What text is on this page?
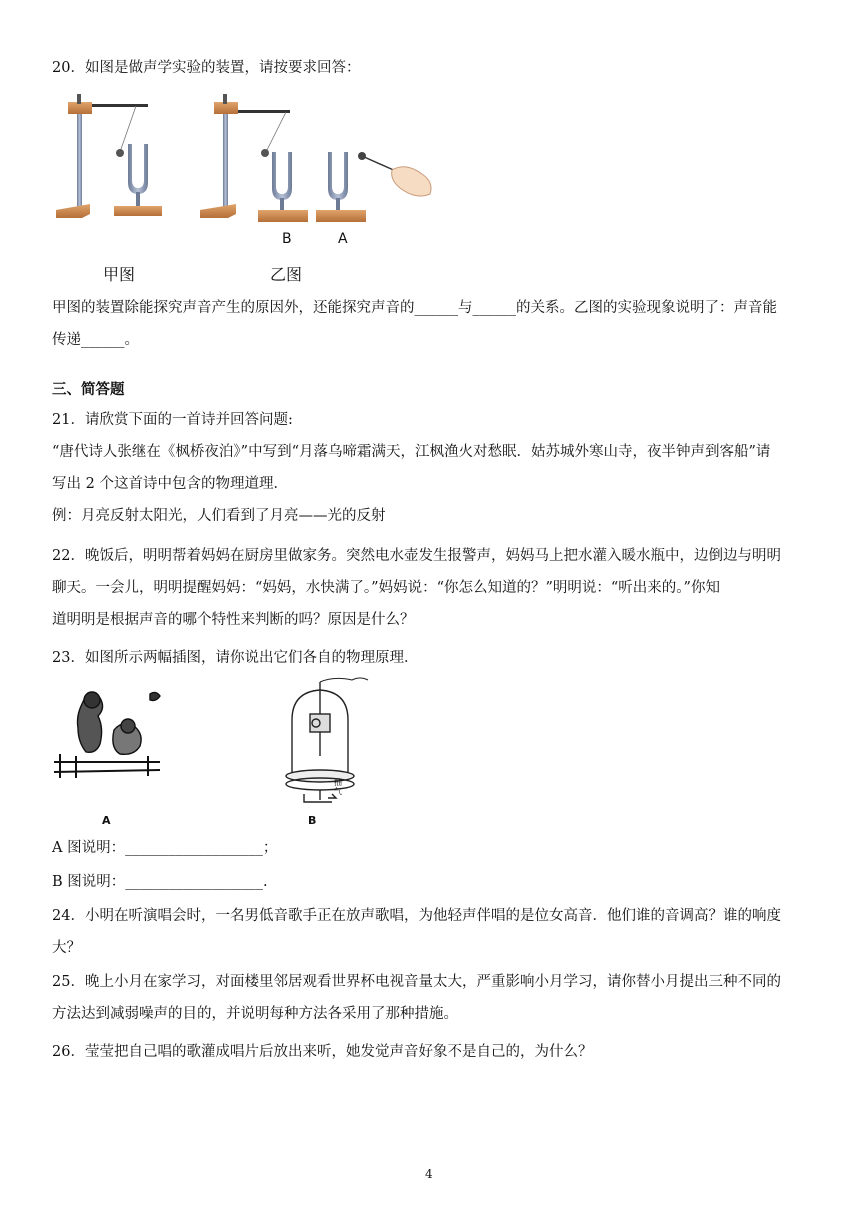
20．如图是做声学实验的装置，请按要求回答：
B	A
甲图	乙图
甲图的装置除能探究声音产生的原因外，还能探究声音的______与______的关系。乙图的实验现象说明了：声音能
传递______。
三、简答题
21．请欣赏下面的一首诗并回答问题:
“唐代诗人张继在《枫桥夜泊》”中写到“月落乌啼霜满天，江枫渔火对愁眠．姑苏城外寒山寺，夜半钟声到客船”请
写出 2 个这首诗中包含的物理道理．
例：月亮反射太阳光，人们看到了月亮——光的反射
22．晚饭后，明明帮着妈妈在厨房里做家务。突然电水壶发生报警声，妈妈马上把水灌入暖水瓶中，边倒边与明明
聊天。一会儿，明明提醒妈妈：“妈妈，水快满了。”妈妈说：“你怎么知道的？”明明说：“听出来的。”你知
道明明是根据声音的哪个特性来判断的吗？原因是什么？
23．如图所示两幅插图，请你说出它们各自的物理原理．
A
抽气
B
A 图说明：___________________；
B 图说明：___________________.
24．小明在听演唱会时，一名男低音歌手正在放声歌唱，为他轻声伴唱的是位女高音．他们谁的音调高？谁的响度
大？
25．晚上小月在家学习，对面楼里邻居观看世界杯电视音量太大，严重影响小月学习，请你替小月提出三种不同的
方法达到减弱噪声的目的，并说明每种方法各采用了那种措施。
26．莹莹把自己唱的歌灌成唱片后放出来听，她发觉声音好象不是自己的，为什么？
4
